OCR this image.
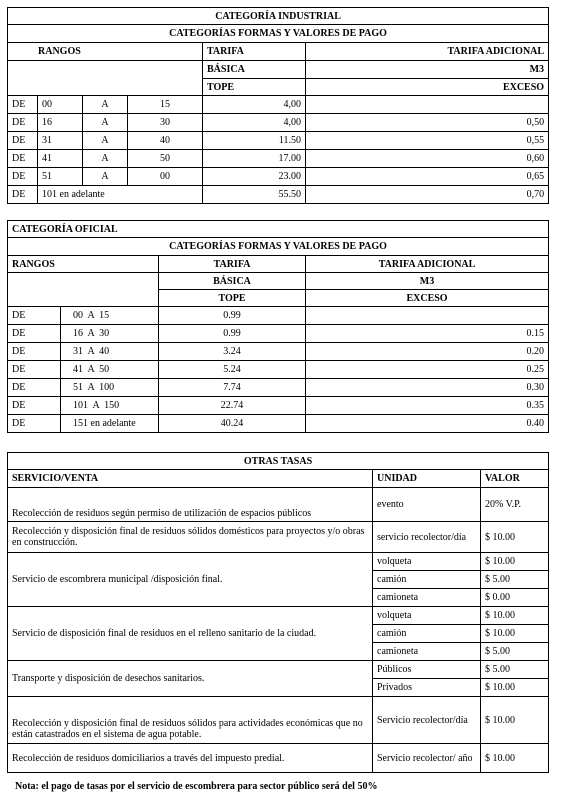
CATEGORÍA INDUSTRIAL					
CATEGORÍAS FORMAS Y VALORES DE PAGO					
RANGOS				TARIFA	TARIFA ADICIONAL
				BÁSICA	M3
				TOPE	EXCESO
DE	00	A	15	4,00	
DE	16	A	30	4,00	0,50
DE	31	A	40	11.50	0,55
DE	41	A	50	17.00	0,60
DE	51	A	00	23.00	0,65
DE	101 en adelante			55.50	0,70
CATEGORÍA OFICIAL			
CATEGORÍAS FORMAS Y VALORES DE PAGO			
RANGOS		TARIFA	TARIFA ADICIONAL
		BÁSICA	M3
		TOPE	EXCESO
DE	00  A  15	0.99	
DE	16  A  30	0.99	0.15
DE	31  A  40	3.24	0.20
DE	41  A  50	5.24	0.25
DE	51  A  100	7.74	0.30
DE	101  A  150	22.74	0.35
DE	151 en adelante	40.24	0.40
OTRAS TASAS		
SERVICIO/VENTA	UNIDAD	VALOR
Recolección de residuos según permiso de utilización de espacios públicos	evento	20% V.P.
Recolección y disposición final de residuos sólidos domésticos para proyectos y/o obras en construcción.	servicio recolector/día	$ 10.00
Servicio de escombrera municipal /disposición final.	volqueta	$ 10.00
	camión	$ 5.00
	camioneta	$ 0.00
Servicio de disposición final de residuos en el relleno sanitario de la ciudad.	volqueta	$ 10.00
	camión	$ 10.00
	camioneta	$ 5.00
Transporte y disposición de desechos sanitarios.	Públicos	$ 5.00
	Privados	$ 10.00
Recolección y disposición final de residuos sólidos para actividades económicas que no están catastrados en el sistema de agua potable.	Servicio recolector/día	$ 10.00
Recolección de residuos domiciliarios a través del impuesto predial.	Servicio recolector/ año	$ 10.00
Nota: el pago de tasas por el servicio de escombrera para sector público será del 50%
